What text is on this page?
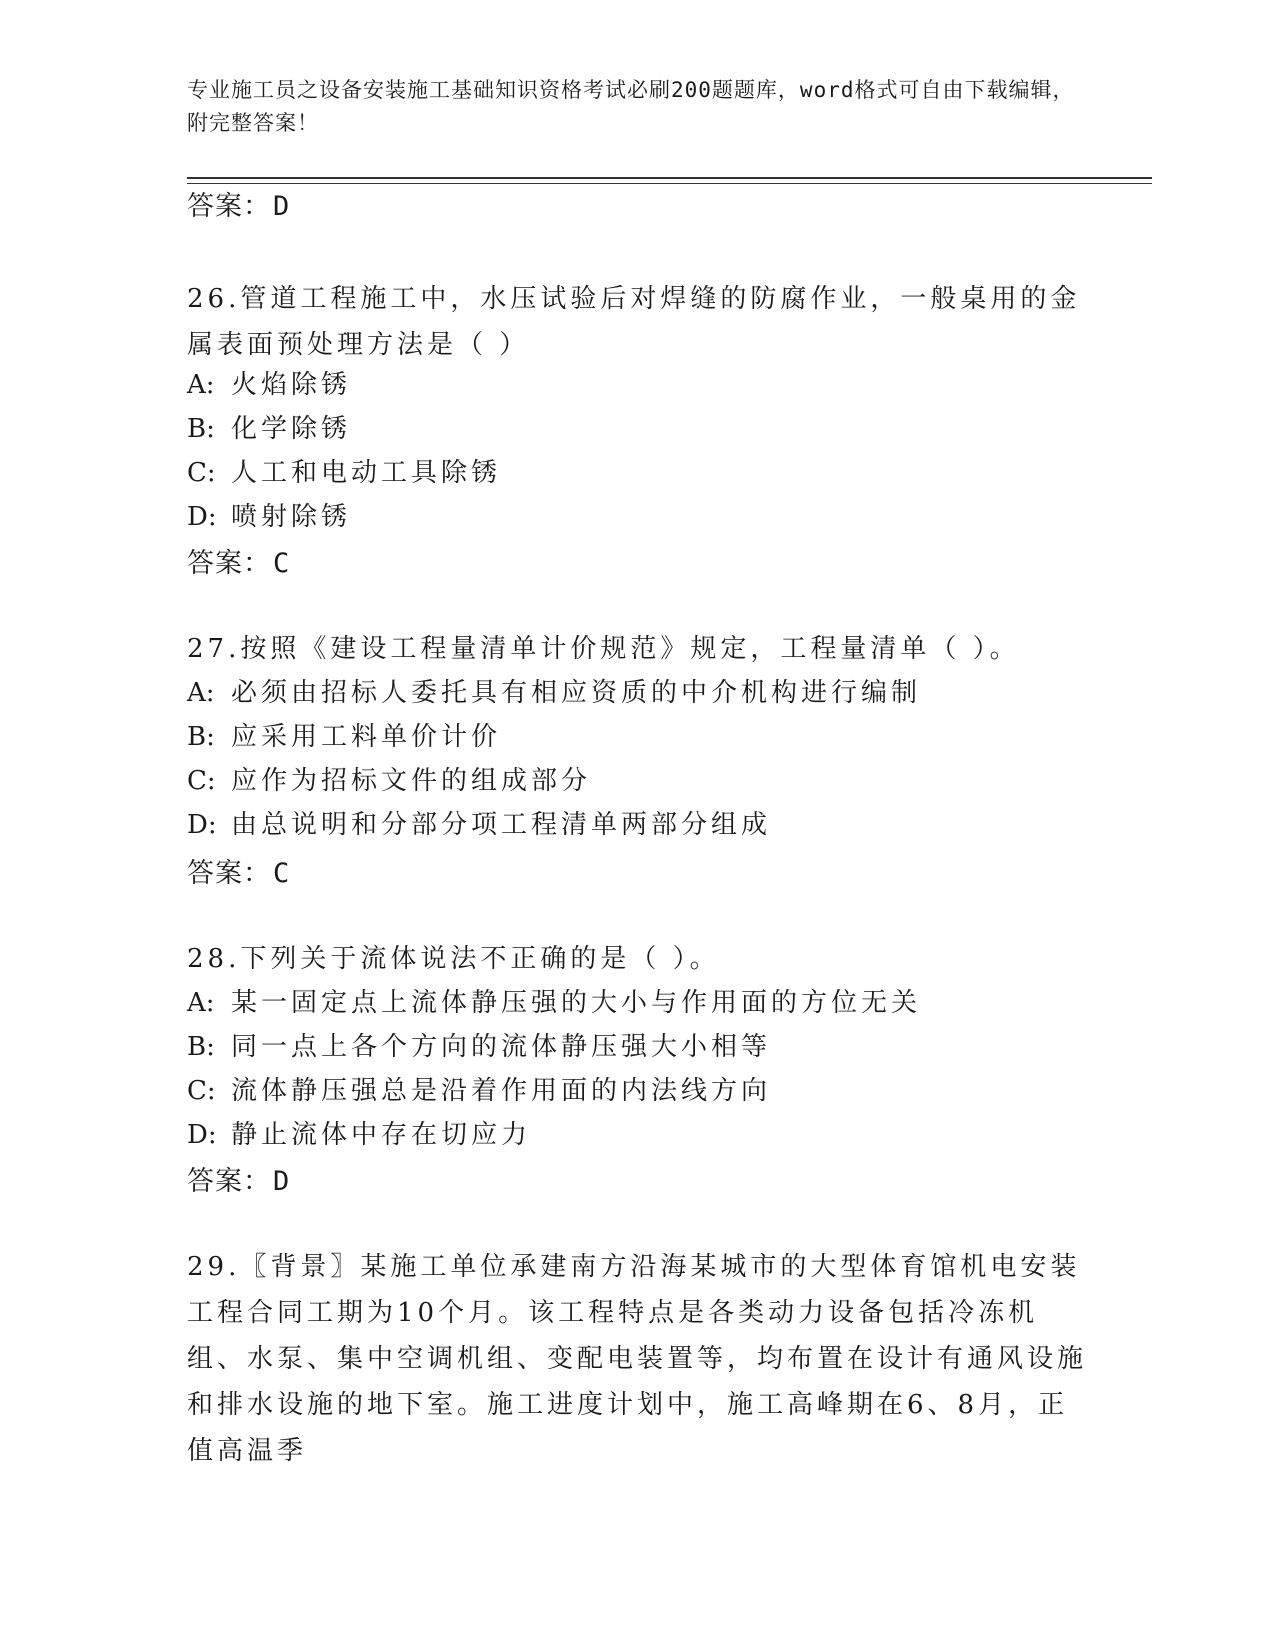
专业施工员之设备安装施工基础知识资格考试必刷200题题库，word格式可自由下载编辑，附完整答案！
答案：D
26.管道工程施工中，水压试验后对焊缝的防腐作业，一般桌用的金属表面预处理方法是（ ）
A: 火焰除锈
B: 化学除锈
C: 人工和电动工具除锈
D: 喷射除锈
答案：C
27.按照《建设工程量清单计价规范》规定，工程量清单（ ）。
A: 必须由招标人委托具有相应资质的中介机构进行编制
B: 应采用工料单价计价
C: 应作为招标文件的组成部分
D: 由总说明和分部分项工程清单两部分组成
答案：C
28.下列关于流体说法不正确的是（ ）。
A: 某一固定点上流体静压强的大小与作用面的方位无关
B: 同一点上各个方向的流体静压强大小相等
C: 流体静压强总是沿着作用面的内法线方向
D: 静止流体中存在切应力
答案：D
29.〖背景〗某施工单位承建南方沿海某城市的大型体育馆机电安装工程合同工期为10个月。该工程特点是各类动力设备包括冷冻机组、水泵、集中空调机组、变配电装置等，均布置在设计有通风设施和排水设施的地下室。施工进度计划中，施工高峰期在6、8月，正值高温季
